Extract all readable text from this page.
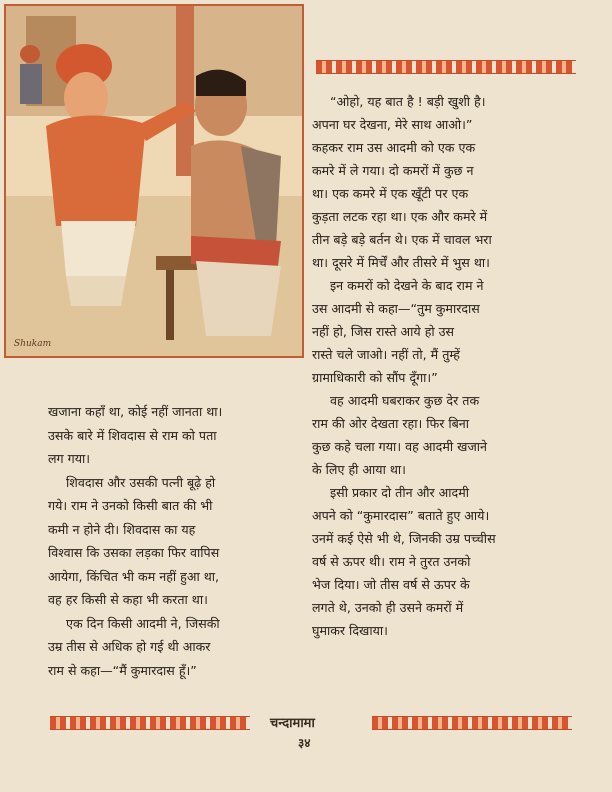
Shukam

“ओहो, यह बात है ! बड़ी खुशी है।

अपना घर देखना, मेरे साथ आओ।”

कहकर राम उस आदमी को एक एक

कमरे में ले गया। दो कमरों में कुछ न

था। एक कमरे में एक खूँटी पर एक

कुड़ता लटक रहा था। एक और कमरे में

तीन बड़े बड़े बर्तन थे। एक में चावल भरा

था। दूसरे में मिर्चें और तीसरे में भुस था।

इन कमरों को देखने के बाद राम ने

उस आदमी से कहा—“तुम कुमारदास

नहीं हो, जिस रास्ते आये हो उस

रास्ते चले जाओ। नहीं तो, मैं तुम्हें

ग्रामाधिकारी को सौंप दूँगा।”

वह आदमी घबराकर कुछ देर तक

राम की ओर देखता रहा। फिर बिना

कुछ कहे चला गया। वह आदमी खजाने

के लिए ही आया था।

इसी प्रकार दो तीन और आदमी

अपने को “कुमारदास” बताते हुए आये।

उनमें कई ऐसे भी थे, जिनकी उम्र पच्चीस

वर्ष से ऊपर थी। राम ने तुरत उनको

भेज दिया। जो तीस वर्ष से ऊपर के

लगते थे, उनको ही उसने कमरों में

घुमाकर दिखाया।

खजाना कहाँ था, कोई नहीं जानता था।

उसके बारे में शिवदास से राम को पता

लग गया।

शिवदास और उसकी पत्नी बूढ़े हो

गये। राम ने उनको किसी बात की भी

कमी न होने दी। शिवदास का यह

विश्वास कि उसका लड़का फिर वापिस

आयेगा, किंचित भी कम नहीं हुआ था,

वह हर किसी से कहा भी करता था।

एक दिन किसी आदमी ने, जिसकी

उम्र तीस से अधिक हो गई थी आकर

राम से कहा—“मैं कुमारदास हूँ।”

चन्दामामा
३४
